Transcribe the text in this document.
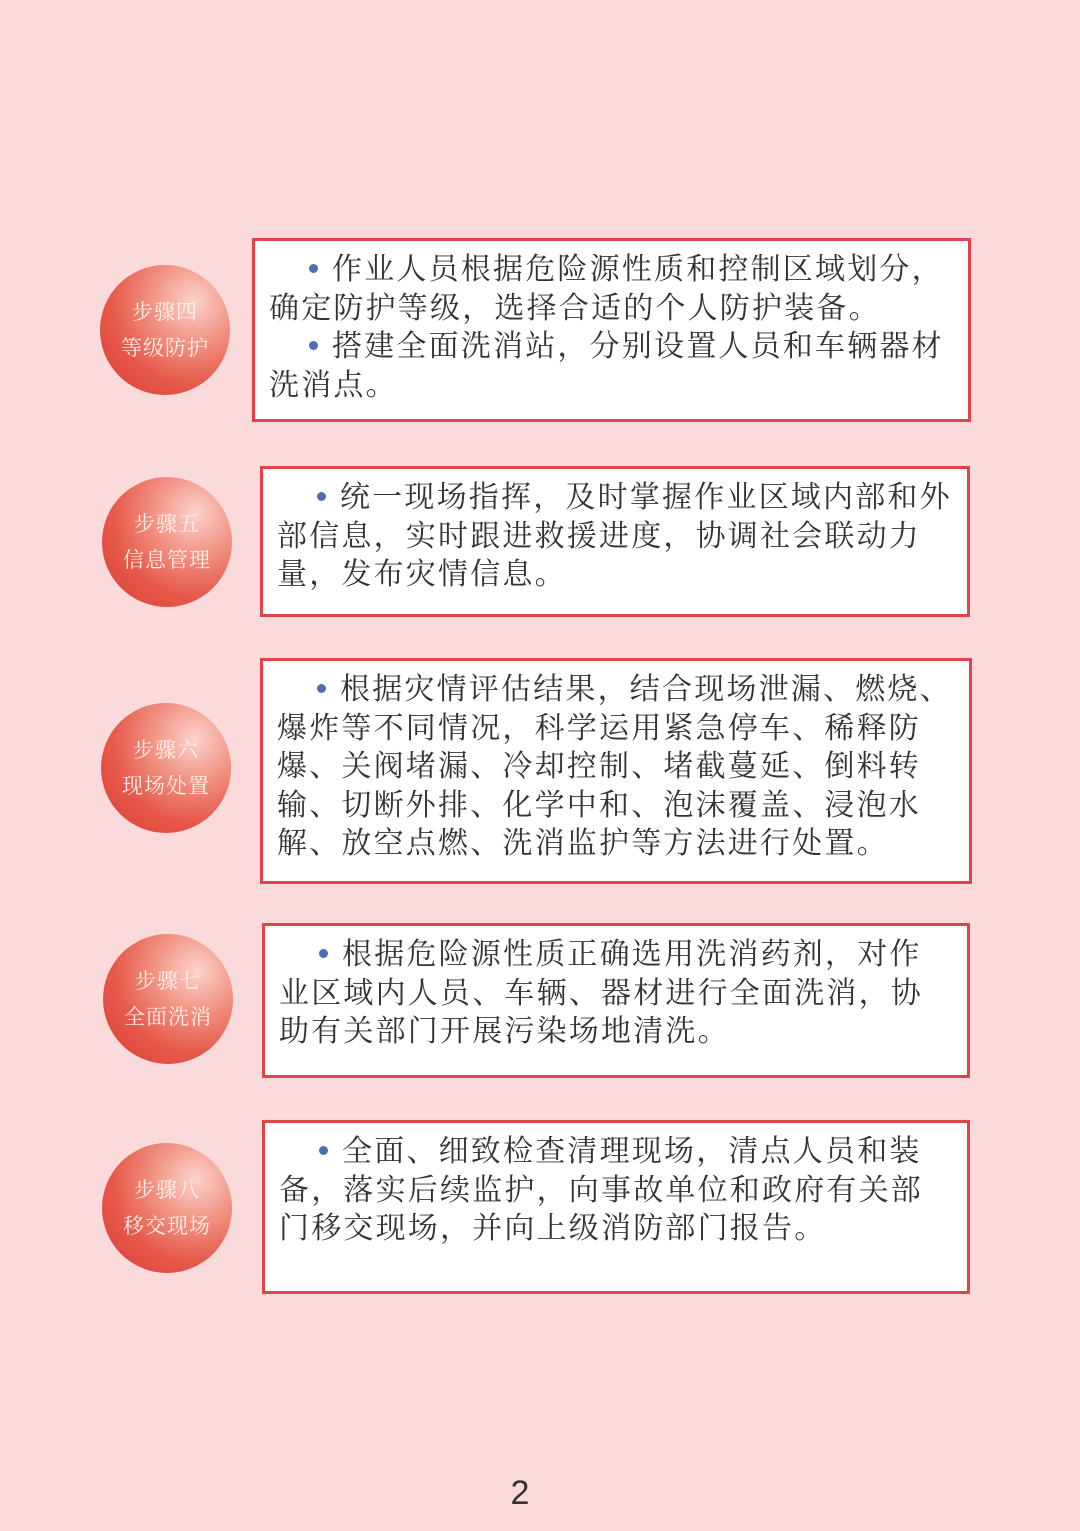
步骤四
等级防护

作业人员根据危险源性质和控制区域划分，确定防护等级，选择合适的个人防护装备。

搭建全面洗消站，分别设置人员和车辆器材洗消点。

步骤五
信息管理

统一现场指挥，及时掌握作业区域内部和外部信息，实时跟进救援进度，协调社会联动力量，发布灾情信息。

步骤六
现场处置

根据灾情评估结果，结合现场泄漏、燃烧、爆炸等不同情况，科学运用紧急停车、稀释防爆、关阀堵漏、冷却控制、堵截蔓延、倒料转输、切断外排、化学中和、泡沫覆盖、浸泡水解、放空点燃、洗消监护等方法进行处置。

步骤七
全面洗消

根据危险源性质正确选用洗消药剂，对作业区域内人员、车辆、器材进行全面洗消，协助有关部门开展污染场地清洗。

步骤八
移交现场

全面、细致检查清理现场，清点人员和装备，落实后续监护，向事故单位和政府有关部门移交现场，并向上级消防部门报告。

2
